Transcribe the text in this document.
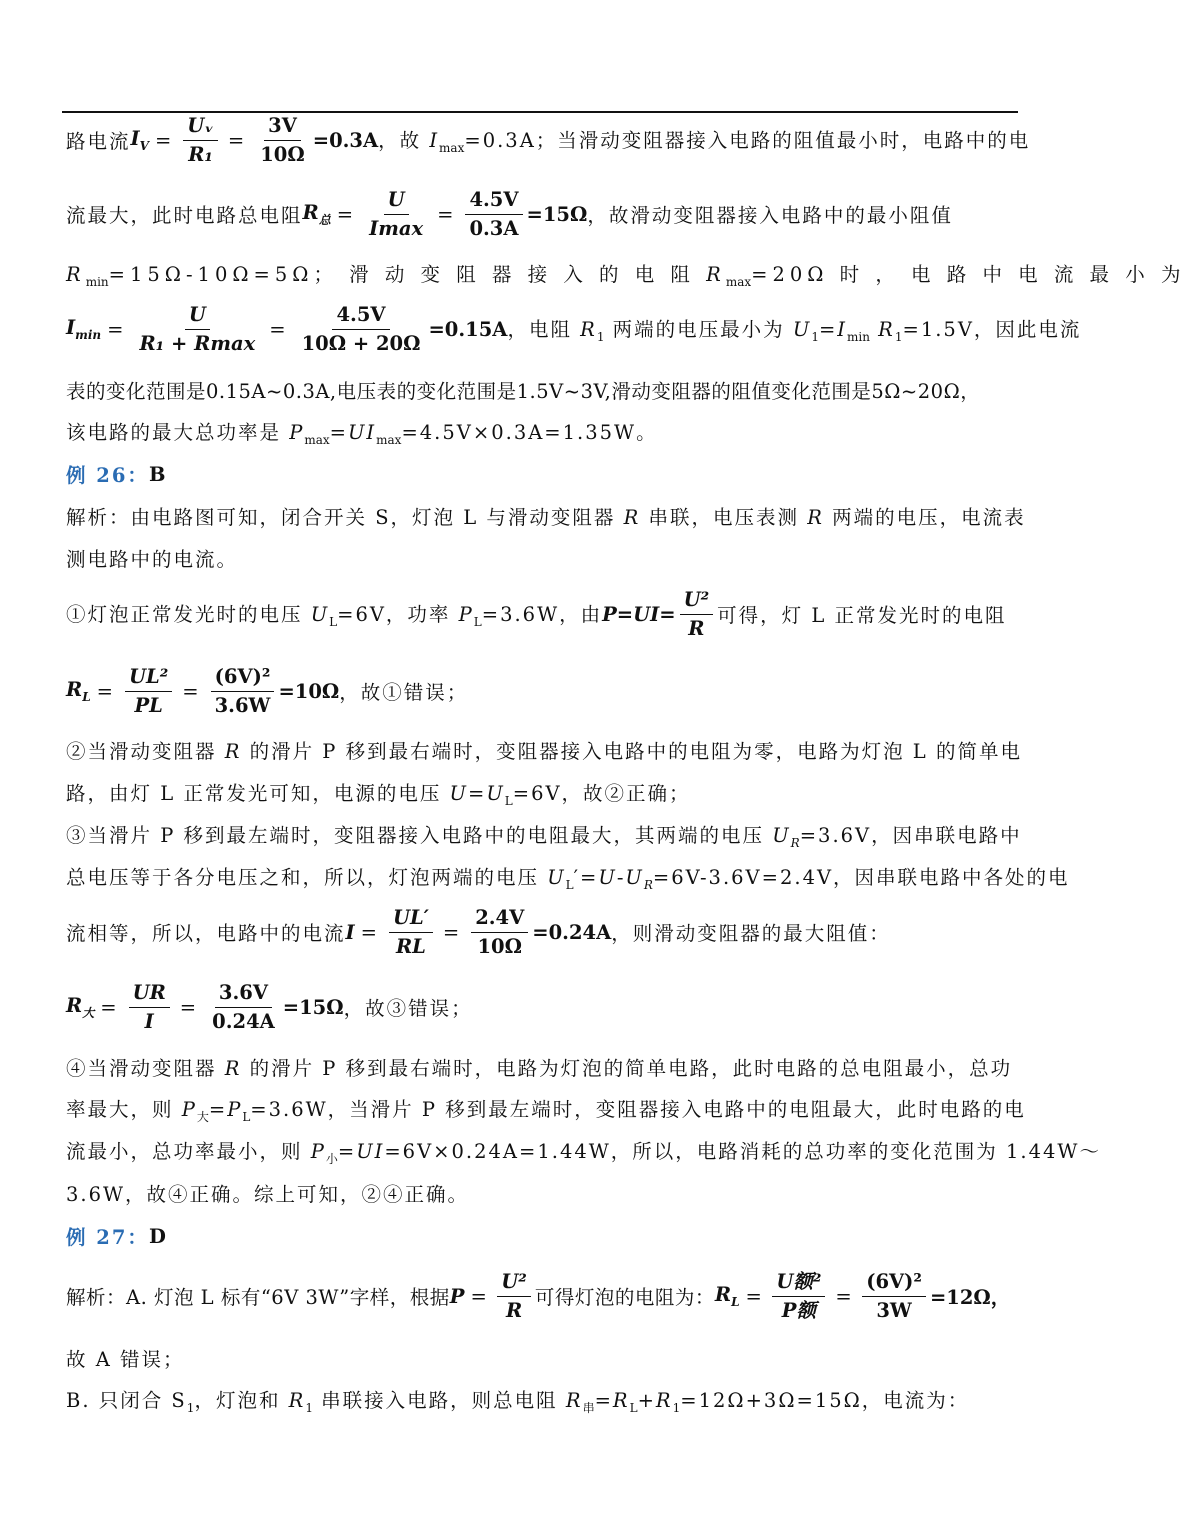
路电流 $I_V = \frac{\text{Uᵥ}}{\text{R₁}} = \frac{3V}{10\Omega} =0.3A$ ，故 $I_{max}=0.3A$；当滑动变阻器接入电路的阻值最小时，电路中的电
流最大，此时电路总电阻 $R_总 = \frac{U}{Imax} = \frac{4.5V}{0.3A} =15\Omega$ ，故滑动变阻器接入电路中的最小阻值
$R_{min}=15\Omega-10\Omega=5\Omega$； 滑 动 变 阻 器 接 入 的 电 阻 $R_{max}=20\Omega$ 时 ， 电 路 中 电 流 最 小 为
$I_{min} = \frac{U}{\text{R₁ + Rmax}} = \frac{4.5V}{10\Omega + 20\Omega} =0.15A$ ，电阻 $R_1$ 两端的电压最小为 $U_1=I_{min}$ $R_1=1.5V$，因此电流
表的变化范围是0.15A~0.3A,电压表的变化范围是1.5V~3V,滑动变阻器的阻值变化范围是5Ω~20Ω，
该电路的最大总功率是 $P_{max}=UI_{max}=4.5V\times 0.3A=1.35W$。
例 26： B
解析：由电路图可知，闭合开关 S，灯泡 L 与滑动变阻器 R 串联，电压表测 R 两端的电压，电流表
测电路中的电流。
①灯泡正常发光时的电压 $U_L=6V$，功率 $P_L=3.6W$，由 $P=UI= \frac{\text{U²}}{R}$ 可得，灯 L 正常发光时的电阻
$R_L = \frac{\text{UL²}}{PL} = \frac{\text{(6V)²}}{3.6W} =10\Omega$ ，故①错误；
②当滑动变阻器 R 的滑片 P 移到最右端时，变阻器接入电路中的电阻为零，电路为灯泡 L 的简单电
路，由灯 L 正常发光可知，电源的电压 $U=U_L=6V$，故②正确；
③当滑片 P 移到最左端时，变阻器接入电路中的电阻最大，其两端的电压 $U_R=3.6V$，因串联电路中
总电压等于各分电压之和，所以，灯泡两端的电压 $U_L'=U-U_R=6V-3.6V=2.4V$，因串联电路中各处的电
流相等，所以，电路中的电流 $I = \frac{UL'}{RL} = \frac{2.4V}{10\Omega} =0.24A$ ，则滑动变阻器的最大阻值：
$R_大 = \frac{UR}{I} = \frac{3.6V}{0.24A} =15\Omega$ ，故③错误；
④当滑动变阻器 R 的滑片 P 移到最右端时，电路为灯泡的简单电路，此时电路的总电阻最小，总功
率最大，则 $P_大=P_L=3.6W$，当滑片 P 移到最左端时，变阻器接入电路中的电阻最大，此时电路的电
流最小，总功率最小，则 $P_小=UI=6V\times 0.24A=1.44W$，所以，电路消耗的总功率的变化范围为 1.44W～
3.6W，故④正确。综上可知，②④正确。
例 27： D
解析：A. 灯泡 L 标有“6V 3W”字样，根据 $P = \frac{\text{U²}}{R}$ 可得灯泡的电阻为： $R_L = \frac{\text{U额²}}{\text{P额}} = \frac{\text{(6V)²}}{3W} =12\Omega$，
故 A 错误；
B. 只闭合 $S_1$，灯泡和 $R_1$ 串联接入电路，则总电阻 $R_串=R_L+R_1=12\Omega+3\Omega=15\Omega$，电流为：
